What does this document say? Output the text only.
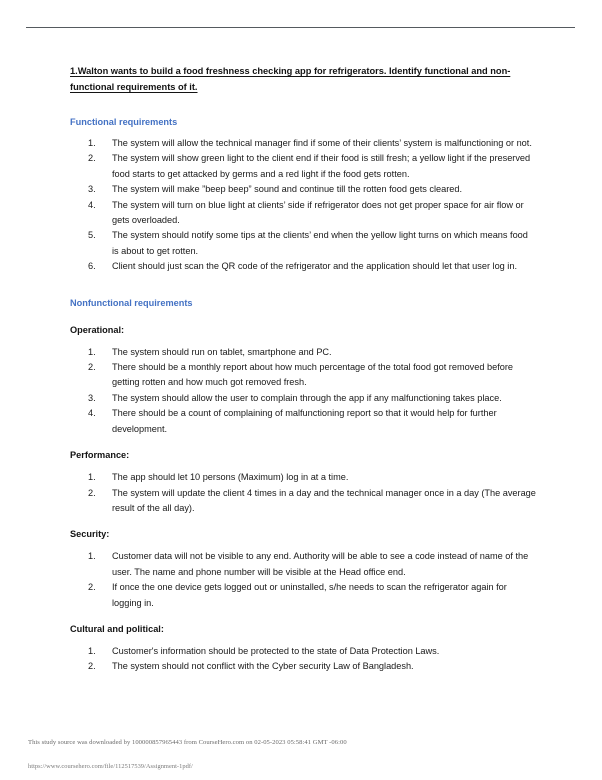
1.Walton wants to build a food freshness checking app for refrigerators. Identify functional and non-functional requirements of it.

Functional requirements

1.	The system will allow the technical manager find if some of their clients’ system is malfunctioning or not.
2.	The system will show green light to the client end if their food is still fresh; a yellow light if the preserved food starts to get attacked by germs and a red light if the food gets rotten.
3.	The system will make ”beep beep” sound and continue till the rotten food gets cleared.
4.	The system will turn on blue light at clients’ side if refrigerator does not get proper space for air flow or gets overloaded.
5.	The system should notify some tips at the clients’ end when the yellow light turns on which means food is about to get rotten.
6.	Client should just scan the QR code of the refrigerator and the application should let that user log in.

Nonfunctional requirements

Operational:

1.	The system should run on tablet, smartphone and PC.
2.	There should be a monthly report about how much percentage of the total food got removed before getting rotten and how much got removed fresh.
3.	The system should allow the user to complain through the app if any malfunctioning takes place.
4.	There should be a count of complaining of malfunctioning report so that it would help for further development.

Performance:

1.	The app should let 10 persons (Maximum) log in at a time.
2.	The system will update the client 4 times in a day and the technical manager once in a day (The average result of the all day).

Security:

1.	Customer data will not be visible to any end. Authority will be able to see a code instead of name of the user. The name and phone number will be visible at the Head office end.
2.	If once the one device gets logged out or uninstalled, s/he needs to scan the refrigerator again for logging in.

Cultural and political:

1.	Customer's information should be protected to the state of Data Protection Laws.
2.	The system should not conflict with the Cyber security Law of Bangladesh.
This study source was downloaded by 100000857965443 from CourseHero.com on 02-05-2023 05:58:41 GMT -06:00
https://www.coursehero.com/file/112517539/Assignment-1pdf/
